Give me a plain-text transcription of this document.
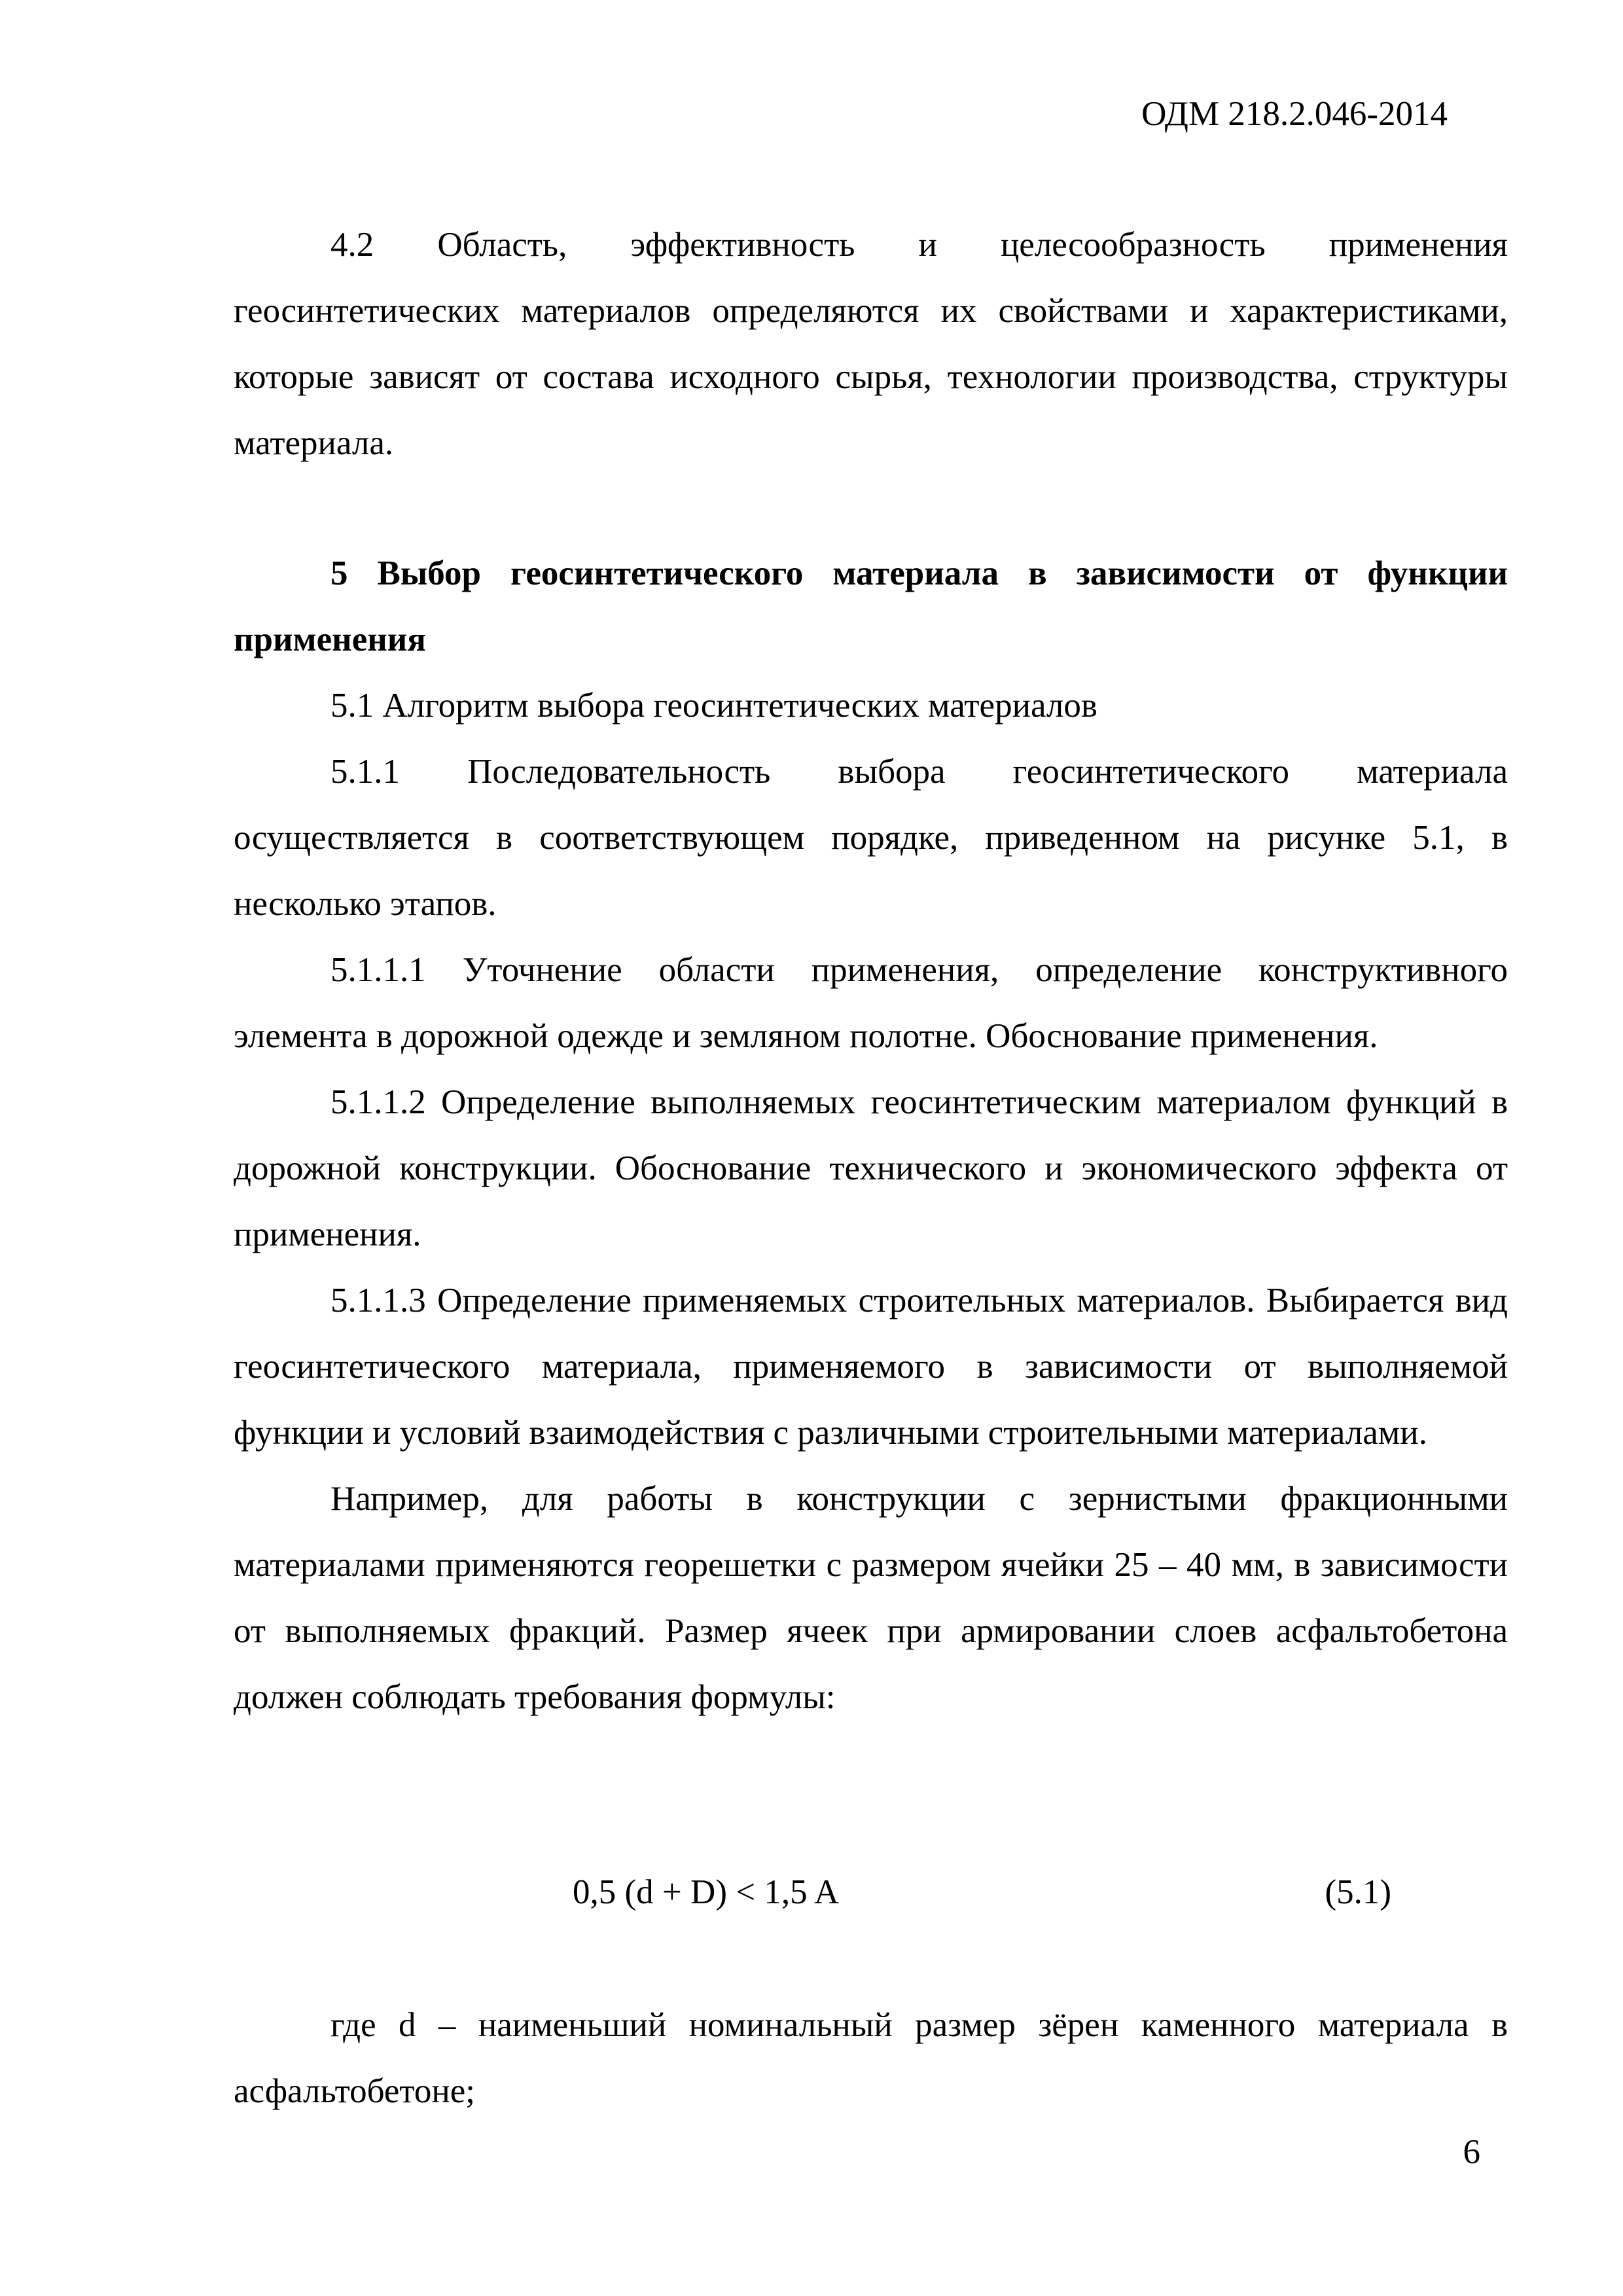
ОДМ 218.2.046-2014

4.2 Область, эффективность и целесообразность применения геосинтетических материалов определяются их свойствами и характеристиками, которые зависят от состава исходного сырья, технологии производства, структуры материала.

5 Выбор геосинтетического материала в зависимости от функции применения

5.1 Алгоритм выбора геосинтетических материалов

5.1.1 Последовательность выбора геосинтетического материала осуществляется в соответствующем порядке, приведенном на рисунке 5.1, в несколько этапов.

5.1.1.1 Уточнение области применения, определение конструктивного элемента в дорожной одежде и земляном полотне. Обоснование применения.

5.1.1.2 Определение выполняемых геосинтетическим материалом функций в дорожной конструкции. Обоснование технического и экономического эффекта от применения.

5.1.1.3 Определение применяемых строительных материалов. Выбирается вид геосинтетического материала, применяемого в зависимости от выполняемой функции и условий взаимодействия с различными строительными материалами.

Например, для работы в конструкции с зернистыми фракционными материалами применяются георешетки с размером ячейки 25 – 40 мм, в зависимости от выполняемых фракций. Размер ячеек при армировании слоев асфальтобетона должен соблюдать требования формулы:

0,5 (d + D) < 1,5 A	(5.1)

где d – наименьший номинальный размер зёрен каменного материала в асфальтобетоне;

6
